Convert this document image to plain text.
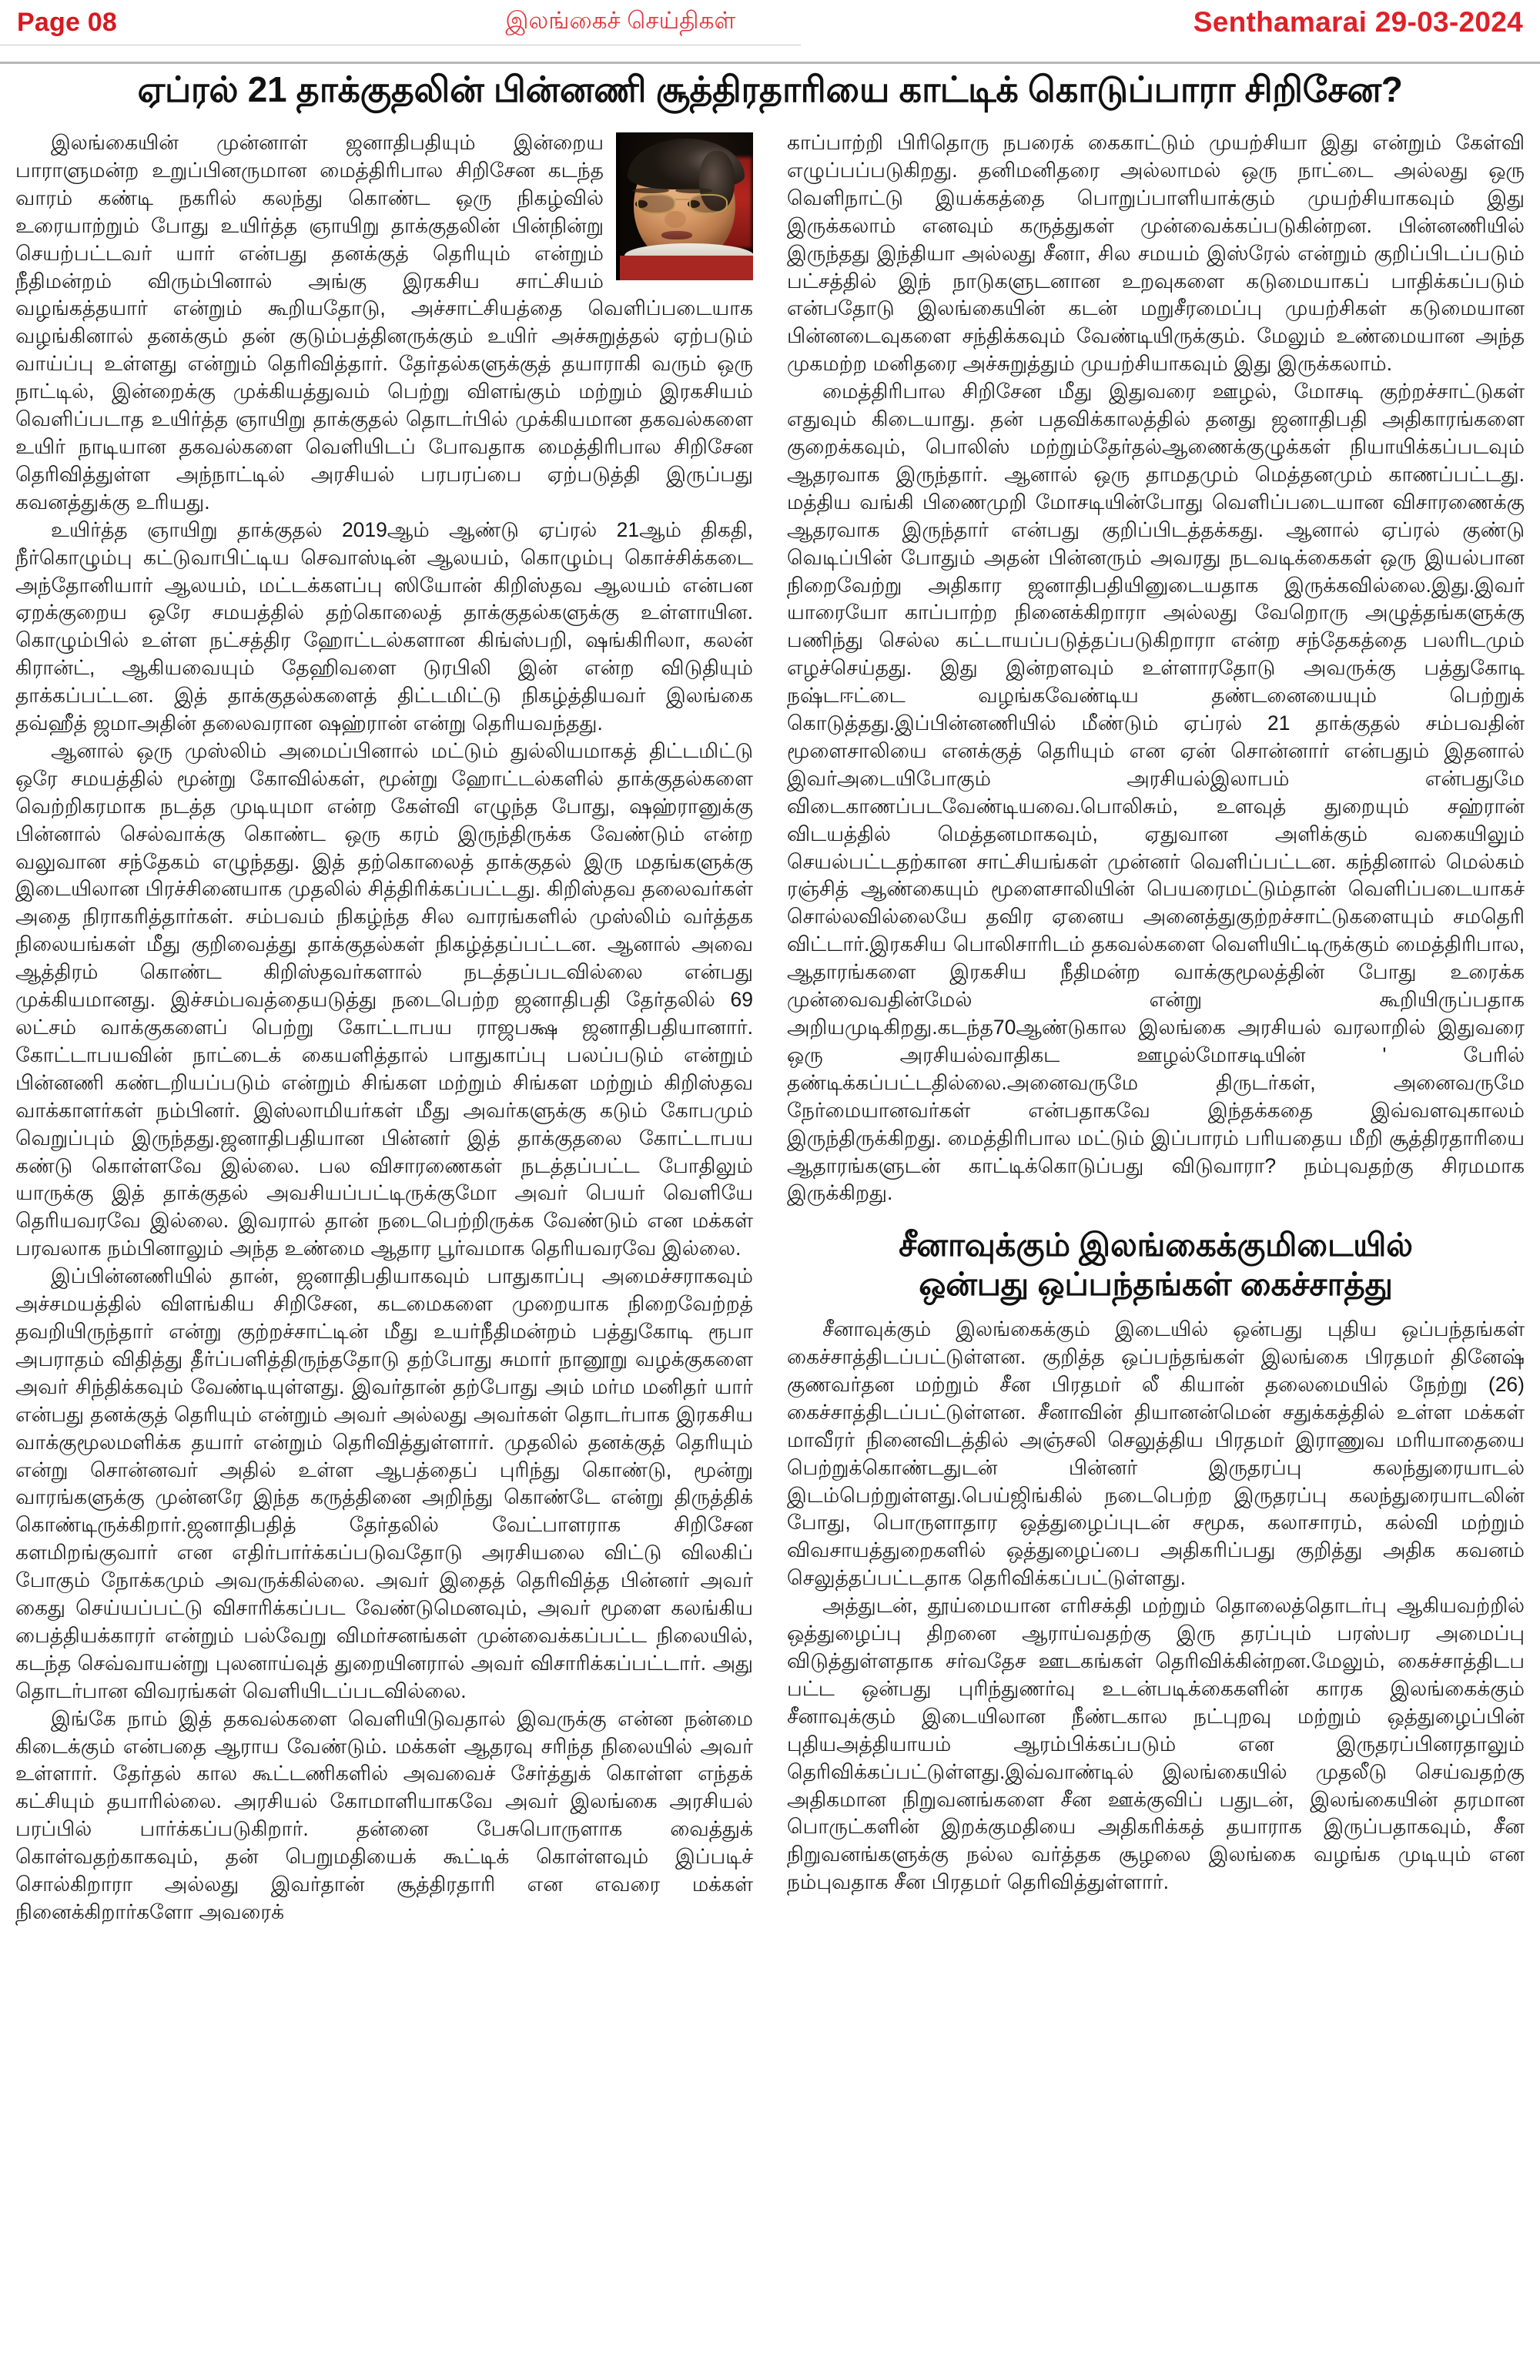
Page 08	இலங்கைச் செய்திகள்	Senthamarai 29-03-2024
ஏப்ரல் 21 தாக்குதலின் பின்னணி சூத்திரதாரியை காட்டிக் கொடுப்பாரா சிறிசேன?

இலங்கையின் முன்னாள் ஜனாதிபதியும் இன்றைய பாராளுமன்ற உறுப்பினருமான மைத்திரிபால சிறிசேன கடந்த வாரம் கண்டி நகரில் கலந்து கொண்ட ஒரு நிகழ்வில் உரையாற்றும் போது உயிர்த்த ஞாயிறு தாக்குதலின் பின்நின்று செயற்பட்டவர் யார் என்பது தனக்குத் தெரியும் என்றும் நீதிமன்றம் விரும்பினால் அங்கு இரகசிய சாட்சியம் வழங்கத்தயார் என்றும் கூறியதோடு, அச்சாட்சியத்தை வெளிப்படையாக வழங்கினால் தனக்கும் தன் குடும்பத்தினருக்கும் உயிர் அச்சுறுத்தல் ஏற்படும் வாய்ப்பு உள்ளது என்றும் தெரிவித்தார். தேர்தல்களுக்குத் தயாராகி வரும் ஒரு நாட்டில், இன்றைக்கு முக்கியத்துவம் பெற்று விளங்கும் மற்றும் இரகசியம் வெளிப்படாத உயிர்த்த ஞாயிறு தாக்குதல் தொடர்பில் முக்கியமான தகவல்களை உயிர் நாடியான தகவல்களை வெளியிடப் போவதாக மைத்திரிபால சிறிசேன தெரிவித்துள்ள அந்நாட்டில் அரசியல் பரபரப்பை ஏற்படுத்தி இருப்பது கவனத்துக்கு உரியது.

உயிர்த்த ஞாயிறு தாக்குதல் 2019ஆம் ஆண்டு ஏப்ரல் 21ஆம் திகதி, நீர்கொழும்பு கட்டுவாபிட்டிய செவாஸ்டின் ஆலயம், கொழும்பு கொச்சிக்கடை அந்தோனியார் ஆலயம், மட்டக்களப்பு ஸியோன் கிறிஸ்தவ ஆலயம் என்பன ஏறக்குறைய ஒரே சமயத்தில் தற்கொலைத் தாக்குதல்களுக்கு உள்ளாயின. கொழும்பில் உள்ள நட்சத்திர ஹோட்டல்களான கிங்ஸ்பறி, ஷங்கிரிலா, கலன் கிரான்ட், ஆகியவையும் தேஹிவளை டுரபிலி இன் என்ற விடுதியும் தாக்கப்பட்டன. இத் தாக்குதல்களைத் திட்டமிட்டு நிகழ்த்தியவர் இலங்கை தவ்ஹீத் ஜமாஅதின் தலைவரான ஷஹ்ரான் என்று தெரியவந்தது.

ஆனால் ஒரு முஸ்லிம் அமைப்பினால் மட்டும் துல்லியமாகத் திட்டமிட்டு ஒரே சமயத்தில் மூன்று கோவில்கள், மூன்று ஹோட்டல்களில் தாக்குதல்களை வெற்றிகரமாக நடத்த முடியுமா என்ற கேள்வி எழுந்த போது, ஷஹ்ரானுக்கு பின்னால் செல்வாக்கு கொண்ட ஒரு கரம் இருந்திருக்க வேண்டும் என்ற வலுவான சந்தேகம் எழுந்தது. இத் தற்கொலைத் தாக்குதல் இரு மதங்களுக்கு இடையிலான பிரச்சினையாக முதலில் சித்திரிக்கப்பட்டது. கிறிஸ்தவ தலைவர்கள் அதை நிராகரித்தார்கள். சம்பவம் நிகழ்ந்த சில வாரங்களில் முஸ்லிம் வர்த்தக நிலையங்கள் மீது குறிவைத்து தாக்குதல்கள் நிகழ்த்தப்பட்டன. ஆனால் அவை ஆத்திரம் கொண்ட கிறிஸ்தவர்களால் நடத்தப்படவில்லை என்பது முக்கியமானது. இச்சம்பவத்தையடுத்து நடைபெற்ற ஜனாதிபதி தேர்தலில் 69 லட்சம் வாக்குகளைப் பெற்று கோட்டாபய ராஜபக்ஷ ஜனாதிபதியானார். கோட்டாபயவின் நாட்டைக் கையளித்தால் பாதுகாப்பு பலப்படும் என்றும் பின்னணி கண்டறியப்படும் என்றும் சிங்கள மற்றும் சிங்கள மற்றும் கிறிஸ்தவ வாக்காளர்கள் நம்பினர். இஸ்லாமியர்கள் மீது அவர்களுக்கு கடும் கோபமும் வெறுப்பும் இருந்தது.ஜனாதிபதியான பின்னர் இத் தாக்குதலை கோட்டாபய கண்டு கொள்ளவே இல்லை. பல விசாரணைகள் நடத்தப்பட்ட போதிலும் யாருக்கு இத் தாக்குதல் அவசியப்பட்டிருக்குமோ அவர் பெயர் வெளியே தெரியவரவே இல்லை. இவரால் தான் நடைபெற்றிருக்க வேண்டும் என மக்கள் பரவலாக நம்பினாலும் அந்த உண்மை ஆதார பூர்வமாக தெரியவரவே இல்லை.

இப்பின்னணியில் தான், ஜனாதிபதியாகவும் பாதுகாப்பு அமைச்சராகவும் அச்சமயத்தில் விளங்கிய சிறிசேன, கடமைகளை முறையாக நிறைவேற்றத் தவறியிருந்தார் என்று குற்றச்சாட்டின் மீது உயர்நீதிமன்றம் பத்துகோடி ரூபா அபராதம் விதித்து தீர்ப்பளித்திருந்ததோடு தற்போது சுமார் நானூறு வழக்குகளை அவர் சிந்திக்கவும் வேண்டியுள்ளது. இவர்தான் தற்போது அம் மர்ம மனிதர் யார் என்பது தனக்குத் தெரியும் என்றும் அவர் அல்லது அவர்கள் தொடர்பாக இரகசிய வாக்குமூலமளிக்க தயார் என்றும் தெரிவித்துள்ளார். முதலில் தனக்குத் தெரியும் என்று சொன்னவர் அதில் உள்ள ஆபத்தைப் புரிந்து கொண்டு, மூன்று வாரங்களுக்கு முன்னரே இந்த கருத்தினை அறிந்து கொண்டே என்று திருத்திக் கொண்டிருக்கிறார்.ஜனாதிபதித் தேர்தலில் வேட்பாளராக சிறிசேன களமிறங்குவார் என எதிர்பார்க்கப்படுவதோடு அரசியலை விட்டு விலகிப் போகும் நோக்கமும் அவருக்கில்லை. அவர் இதைத் தெரிவித்த பின்னர் அவர் கைது செய்யப்பட்டு விசாரிக்கப்பட வேண்டுமெனவும், அவர் மூளை கலங்கிய பைத்தியக்காரர் என்றும் பல்வேறு விமர்சனங்கள் முன்வைக்கப்பட்ட நிலையில், கடந்த செவ்வாயன்று புலனாய்வுத் துறையினரால் அவர் விசாரிக்கப்பட்டார். அது தொடர்பான விவரங்கள் வெளியிடப்படவில்லை.

இங்கே நாம் இத் தகவல்களை வெளியிடுவதால் இவருக்கு என்ன நன்மை கிடைக்கும் என்பதை ஆராய வேண்டும். மக்கள் ஆதரவு சரிந்த நிலையில் அவர் உள்ளார். தேர்தல் கால கூட்டணிகளில் அவவைச் சேர்த்துக் கொள்ள எந்தக் கட்சியும் தயாரில்லை. அரசியல் கோமாளியாகவே அவர் இலங்கை அரசியல் பரப்பில் பார்க்கப்படுகிறார். தன்னை பேசுபொருளாக வைத்துக் கொள்வதற்காகவும், தன் பெறுமதியைக் கூட்டிக் கொள்ளவும் இப்படிச் சொல்கிறாரா அல்லது இவர்தான் சூத்திரதாரி என எவரை மக்கள் நினைக்கிறார்களோ அவரைக்

காப்பாற்றி பிரிதொரு நபரைக் கைகாட்டும் முயற்சியா இது என்றும் கேள்வி எழுப்பப்படுகிறது. தனிமனிதரை அல்லாமல் ஒரு நாட்டை அல்லது ஒரு வெளிநாட்டு இயக்கத்தை பொறுப்பாளியாக்கும் முயற்சியாகவும் இது இருக்கலாம் எனவும் கருத்துகள் முன்வைக்கப்படுகின்றன. பின்னணியில் இருந்தது இந்தியா அல்லது சீனா, சில சமயம் இஸ்ரேல் என்றும் குறிப்பிடப்படும் பட்சத்தில் இந் நாடுகளுடனான உறவுகளை கடுமையாகப் பாதிக்கப்படும் என்பதோடு இலங்கையின் கடன் மறுசீரமைப்பு முயற்சிகள் கடுமையான பின்னடைவுகளை சந்திக்கவும் வேண்டியிருக்கும். மேலும் உண்மையான அந்த முகமற்ற மனிதரை அச்சுறுத்தும் முயற்சியாகவும் இது இருக்கலாம்.

மைத்திரிபால சிறிசேன மீது இதுவரை ஊழல், மோசடி குற்றச்சாட்டுகள் எதுவும் கிடையாது. தன் பதவிக்காலத்தில் தனது ஜனாதிபதி அதிகாரங்களை குறைக்கவும், பொலிஸ் மற்றும்தேர்தல்ஆணைக்குழுக்கள் நியாயிக்கப்படவும் ஆதரவாக இருந்தார். ஆனால் ஒரு தாமதமும் மெத்தனமும் காணப்பட்டது. மத்திய வங்கி பிணைமுறி மோசடியின்போது வெளிப்படையான விசாரணைக்கு ஆதரவாக இருந்தார் என்பது குறிப்பிடத்தக்கது. ஆனால் ஏப்ரல் குண்டு வெடிப்பின் போதும் அதன் பின்னரும் அவரது நடவடிக்கைகள் ஒரு இயல்பான நிறைவேற்று அதிகார ஜனாதிபதியினுடையதாக இருக்கவில்லை.இது.இவர் யாரையோ காப்பாற்ற நினைக்கிறாரா அல்லது வேறொரு அழுத்தங்களுக்கு பணிந்து செல்ல கட்டாயப்படுத்தப்படுகிறாரா என்ற சந்தேகத்தை பலரிடமும் எழச்செய்தது. இது இன்றளவும் உள்ளாரதோடு அவருக்கு பத்துகோடி நஷ்டஈட்டை வழங்கவேண்டிய தண்டனையையும் பெற்றுக் கொடுத்தது.இப்பின்னணியில் மீண்டும் ஏப்ரல் 21 தாக்குதல் சம்பவதின் மூளைசாலியை எனக்குத் தெரியும் என ஏன் சொன்னார் என்பதும் இதனால் இவர்அடையிபோகும் அரசியல்இலாபம் என்பதுமே விடைகாணப்படவேண்டியவை.பொலிசும், உளவுத் துறையும் சஹ்ரான் விடயத்தில் மெத்தனமாகவும், ஏதுவான அளிக்கும் வகையிலும் செயல்பட்டதற்கான சாட்சியங்கள் முன்னர் வெளிப்பட்டன. கந்தினால் மெல்கம் ரஞ்சித் ஆண்கையும் மூளைசாலியின் பெயரைமட்டும்தான் வெளிப்படையாகச் சொல்லவில்லையே தவிர ஏனைய அனைத்துகுற்றச்சாட்டுகளையும் சமதெரி விட்டார்.இரகசிய பொலிசாரிடம் தகவல்களை வெளியிட்டிருக்கும் மைத்திரிபால, ஆதாரங்களை இரகசிய நீதிமன்ற வாக்குமூலத்தின் போது உரைக்க முன்வைவதின்மேல் என்று கூறியிருப்பதாக அறியமுடிகிறது.கடந்த70ஆண்டுகால இலங்கை அரசியல் வரலாறில் இதுவரை ஒரு அரசியல்வாதிகட ஊழல்மோசடியின் ' பேரில் தண்டிக்கப்பட்டதில்லை.அனைவருமே திருடர்கள், அனைவருமே நேர்மையானவர்கள் என்பதாகவே இந்தக்கதை இவ்வளவுகாலம் இருந்திருக்கிறது. மைத்திரிபால மட்டும் இப்பாரம் பரியதைய மீறி சூத்திரதாரியை ஆதாரங்களுடன் காட்டிக்கொடுப்பது விடுவாரா? நம்புவதற்கு சிரமமாக இருக்கிறது.

சீனாவுக்கும் இலங்கைக்குமிடையில்
ஒன்பது ஒப்பந்தங்கள் கைச்சாத்து

சீனாவுக்கும் இலங்கைக்கும் இடையில் ஒன்பது புதிய ஒப்பந்தங்கள் கைச்சாத்திடப்பட்டுள்ளன. குறித்த ஒப்பந்தங்கள் இலங்கை பிரதமர் தினேஷ் குணவர்தன மற்றும் சீன பிரதமர் லீ கியான் தலைமையில் நேற்று (26) கைச்சாத்திடப்பட்டுள்ளன. சீனாவின் தியானன்மென் சதுக்கத்தில் உள்ள மக்கள் மாவீரர் நினைவிடத்தில் அஞ்சலி செலுத்திய பிரதமர் இராணுவ மரியாதையை பெற்றுக்கொண்டதுடன் பின்னர் இருதரப்பு கலந்துரையாடல் இடம்பெற்றுள்ளது.பெய்ஜிங்கில் நடைபெற்ற இருதரப்பு கலந்துரையாடலின் போது, பொருளாதார ஒத்துழைப்புடன் சமூக, கலாசாரம், கல்வி மற்றும் விவசாயத்துறைகளில் ஒத்துழைப்பை அதிகரிப்பது குறித்து அதிக கவனம் செலுத்தப்பட்டதாக தெரிவிக்கப்பட்டுள்ளது.

அத்துடன், தூய்மையான எரிசக்தி மற்றும் தொலைத்தொடர்பு ஆகியவற்றில் ஒத்துழைப்பு திறனை ஆராய்வதற்கு இரு தரப்பும் பரஸ்பர அமைப்பு விடுத்துள்ளதாக சர்வதேச ஊடகங்கள் தெரிவிக்கின்றன.மேலும், கைச்சாத்திடப பட்ட ஒன்பது புரிந்துணர்வு உடன்படிக்கைகளின் காரக இலங்கைக்கும் சீனாவுக்கும் இடையிலான நீண்டகால நட்புறவு மற்றும் ஒத்துழைப்பின் புதியஅத்தியாயம் ஆரம்பிக்கப்படும் என இருதரப்பினரதாலும் தெரிவிக்கப்பட்டுள்ளது.இவ்வாண்டில் இலங்கையில் முதலீடு செய்வதற்கு அதிகமான நிறுவனங்களை சீன ஊக்குவிப் பதுடன், இலங்கையின் தரமான பொருட்களின் இறக்குமதியை அதிகரிக்கத் தயாராக இருப்பதாகவும், சீன நிறுவனங்களுக்கு நல்ல வர்த்தக சூழலை இலங்கை வழங்க முடியும் என நம்புவதாக சீன பிரதமர் தெரிவித்துள்ளார்.
